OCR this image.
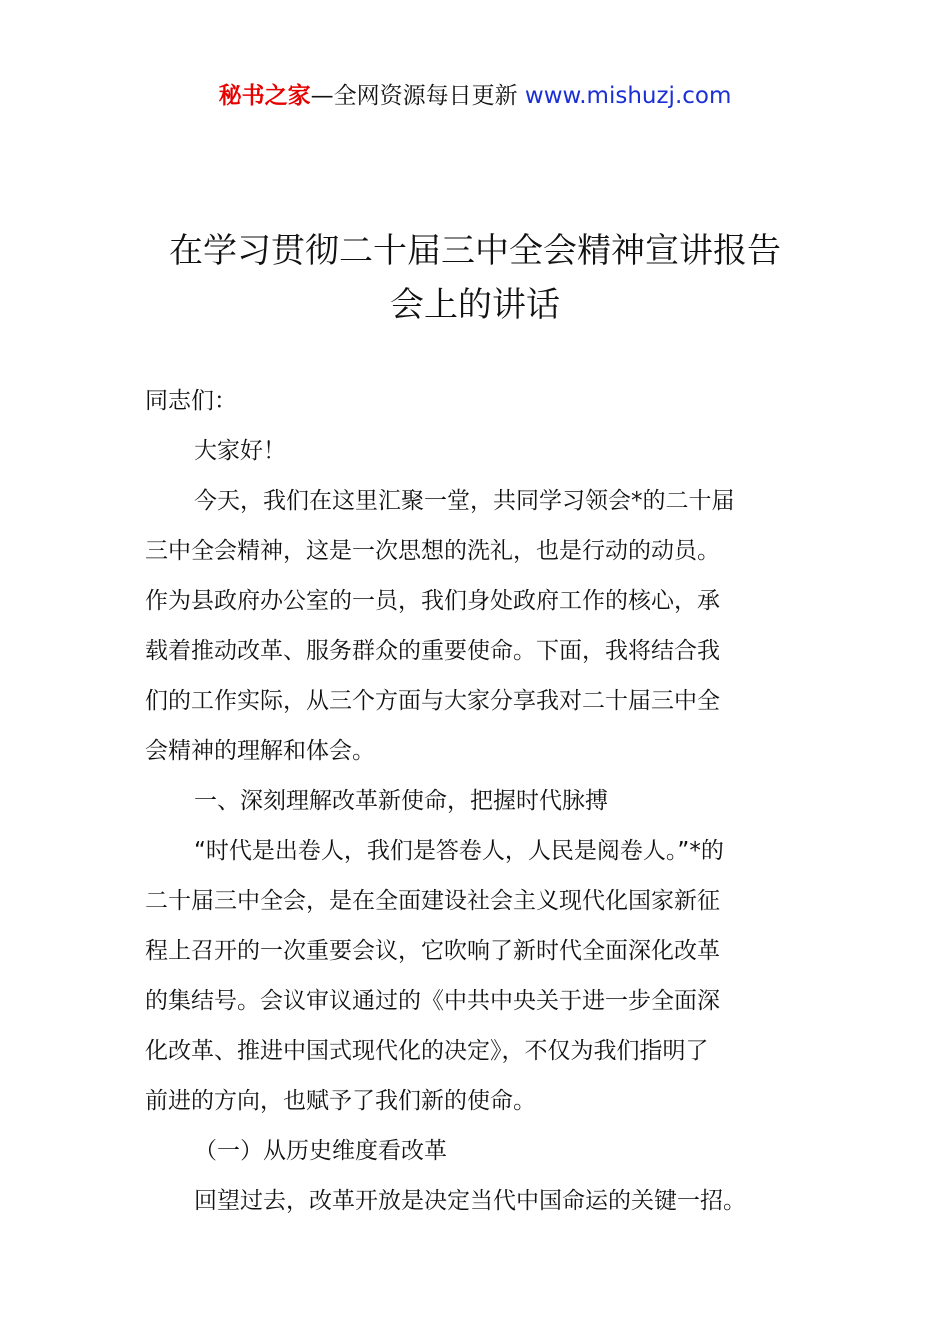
秘书之家—全网资源每日更新 www.mishuzj.com
在学习贯彻二十届三中全会精神宣讲报告
会上的讲话
同志们：
大家好！
今天，我们在这里汇聚一堂，共同学习领会*的二十届
三中全会精神，这是一次思想的洗礼，也是行动的动员。
作为县政府办公室的一员，我们身处政府工作的核心，承
载着推动改革、服务群众的重要使命。下面，我将结合我
们的工作实际，从三个方面与大家分享我对二十届三中全
会精神的理解和体会。
一、深刻理解改革新使命，把握时代脉搏
“时代是出卷人，我们是答卷人，人民是阅卷人。”*的
二十届三中全会，是在全面建设社会主义现代化国家新征
程上召开的一次重要会议，它吹响了新时代全面深化改革
的集结号。会议审议通过的《中共中央关于进一步全面深
化改革、推进中国式现代化的决定》，不仅为我们指明了
前进的方向，也赋予了我们新的使命。
（一）从历史维度看改革
回望过去，改革开放是决定当代中国命运的关键一招。
